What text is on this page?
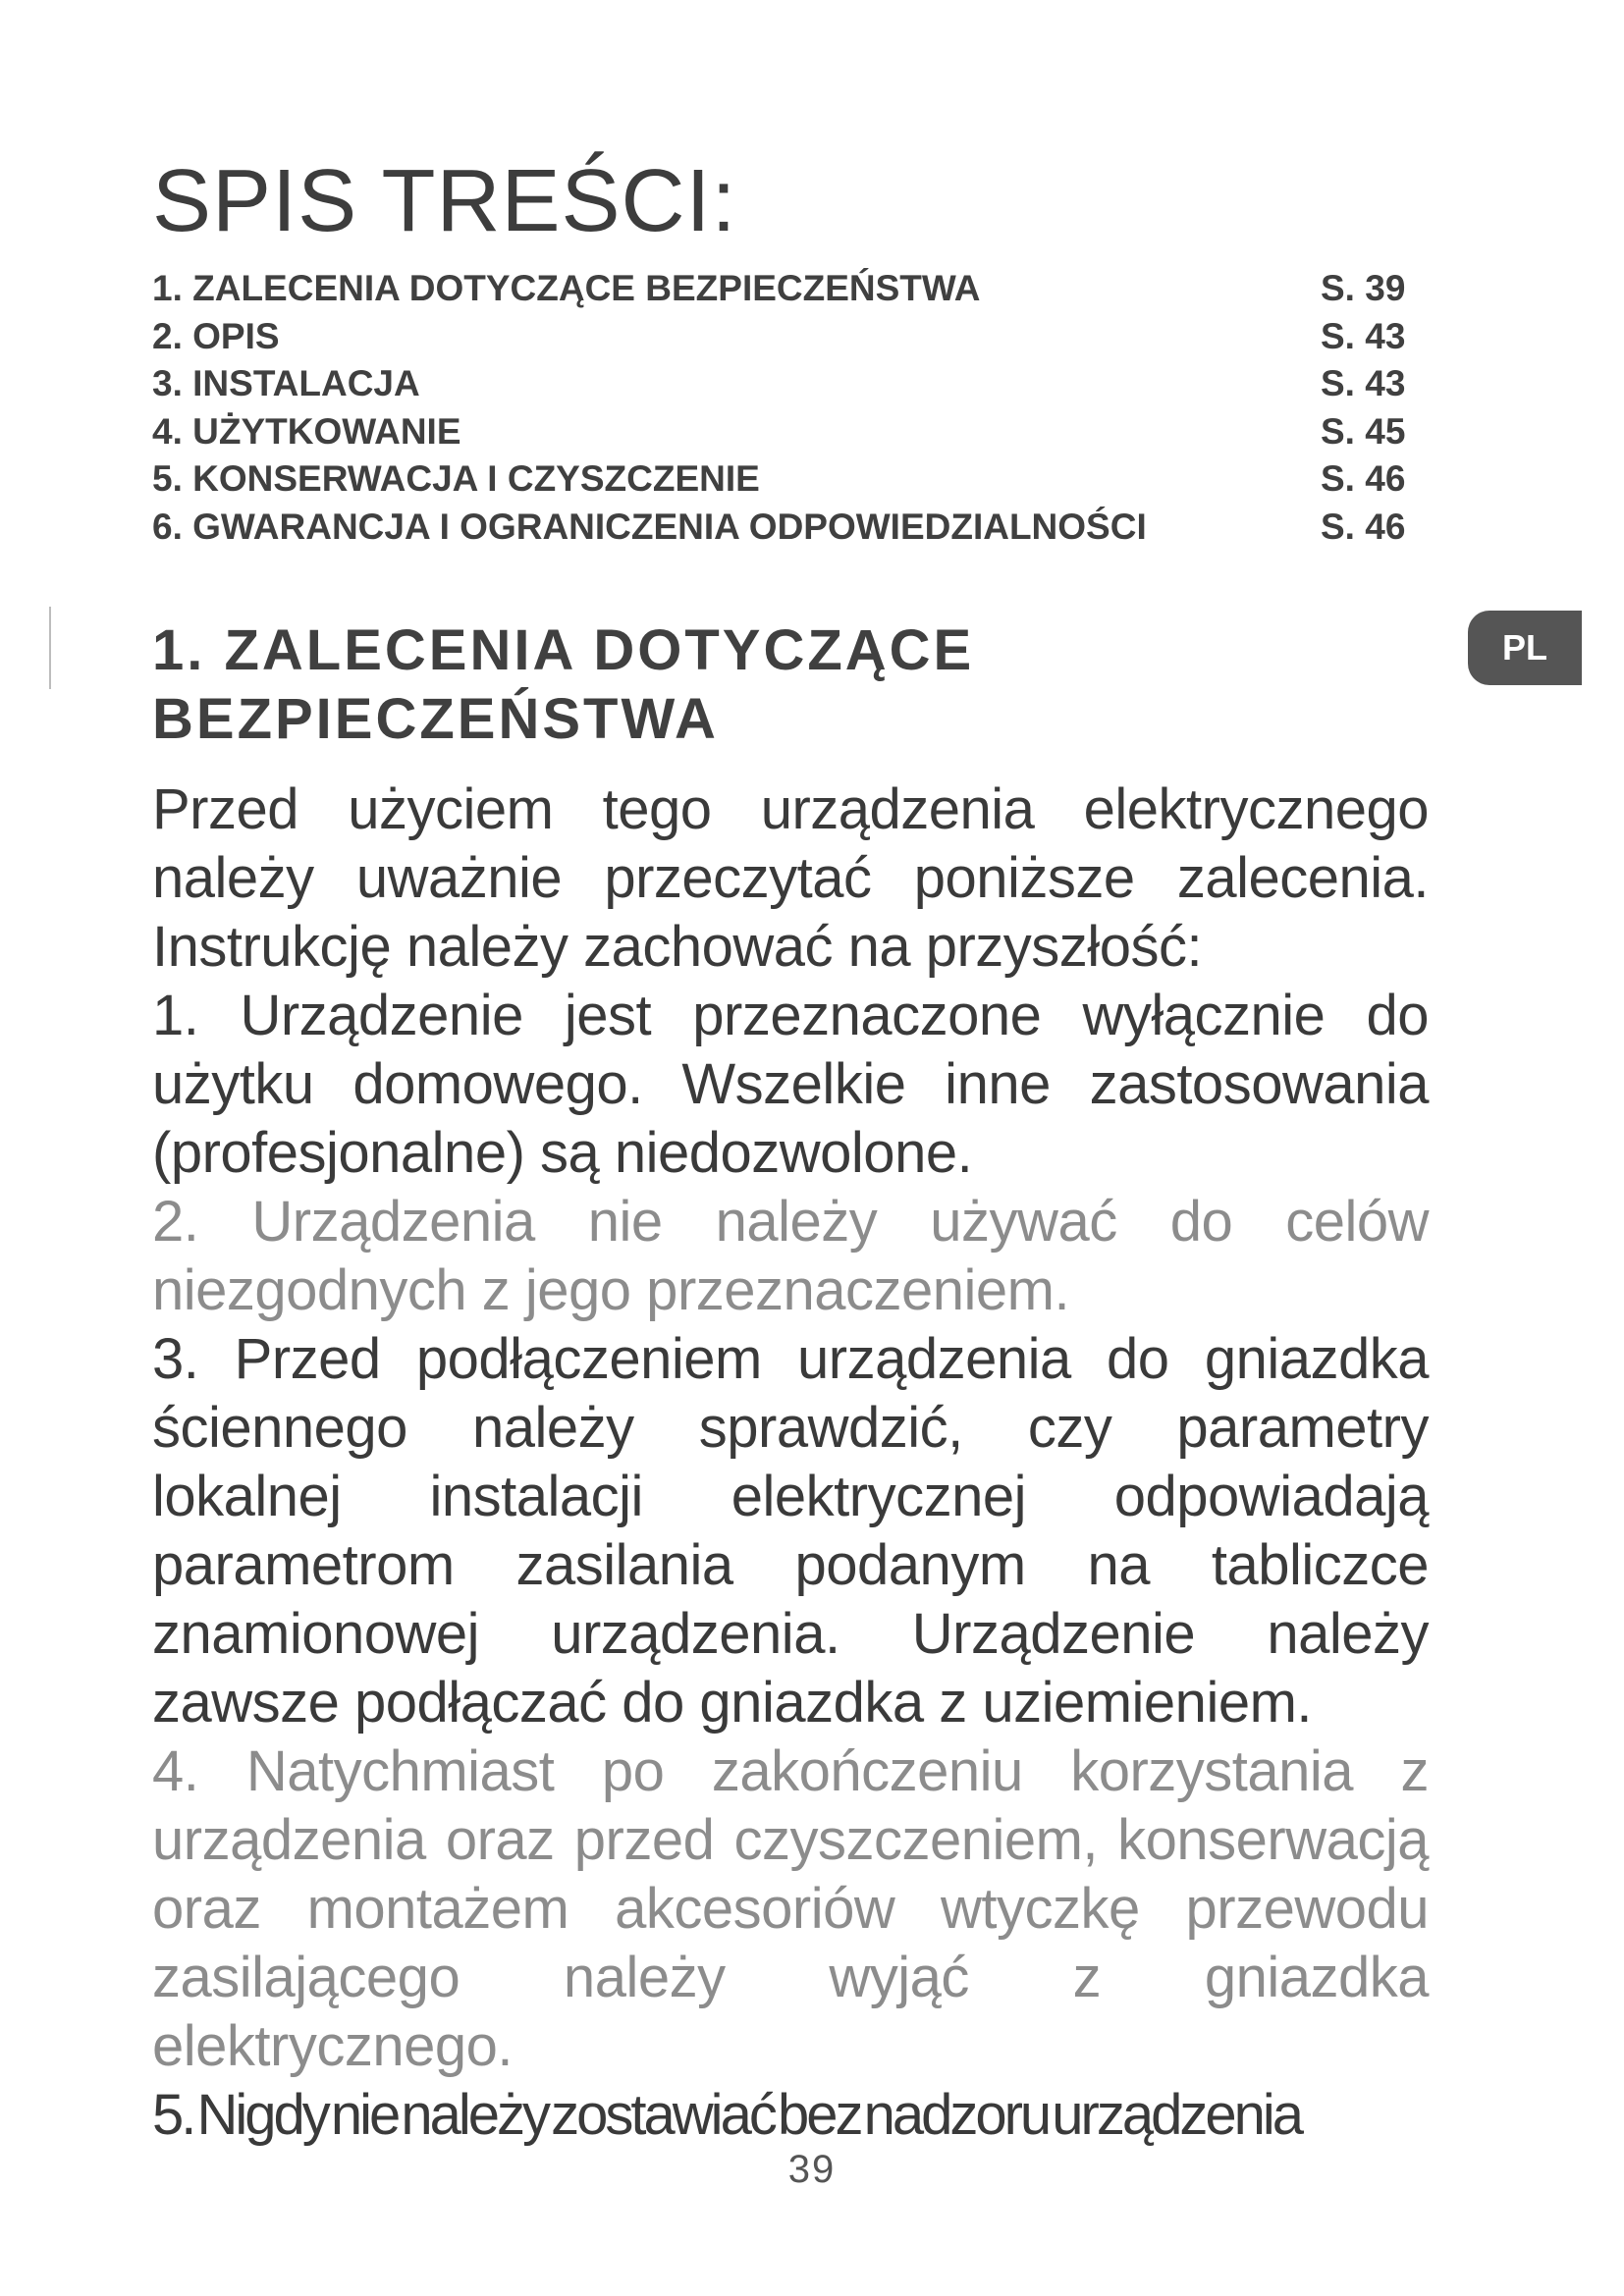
SPIS TREŚCI:
1. ZALECENIA DOTYCZĄCE BEZPIECZEŃSTWA	S. 39
2. OPIS	S. 43
3. INSTALACJA	S. 43
4. UŻYTKOWANIE	S. 45
5. KONSERWACJA I CZYSZCZENIE	S. 46
6. GWARANCJA I OGRANICZENIA ODPOWIEDZIALNOŚCI	S. 46
PL
1. ZALECENIA DOTYCZĄCE
BEZPIECZEŃSTWA

Przed użyciem tego urządzenia elektrycznego należy uważnie przeczytać poniższe zalecenia. Instrukcję należy zachować na przyszłość:

1. Urządzenie jest przeznaczone wyłącznie do użytku domowego. Wszelkie inne zastosowania (profesjonalne) są niedozwolone.

2. Urządzenia nie należy używać do celów niezgodnych z jego przeznaczeniem.

3. Przed podłączeniem urządzenia do gniazdka ściennego należy sprawdzić, czy parametry lokalnej instalacji elektrycznej odpowiadają parametrom zasilania podanym na tabliczce znamionowej urządzenia. Urządzenie należy zawsze podłączać do gniazdka z uziemieniem.

4. Natychmiast po zakończeniu korzystania z urządzenia oraz przed czyszczeniem, konserwacją oraz montażem akcesoriów wtyczkę przewodu zasilającego należy wyjąć z gniazdka elektrycznego.

5. Nigdy nie należy zostawiać bez nadzoru urządzenia

39
